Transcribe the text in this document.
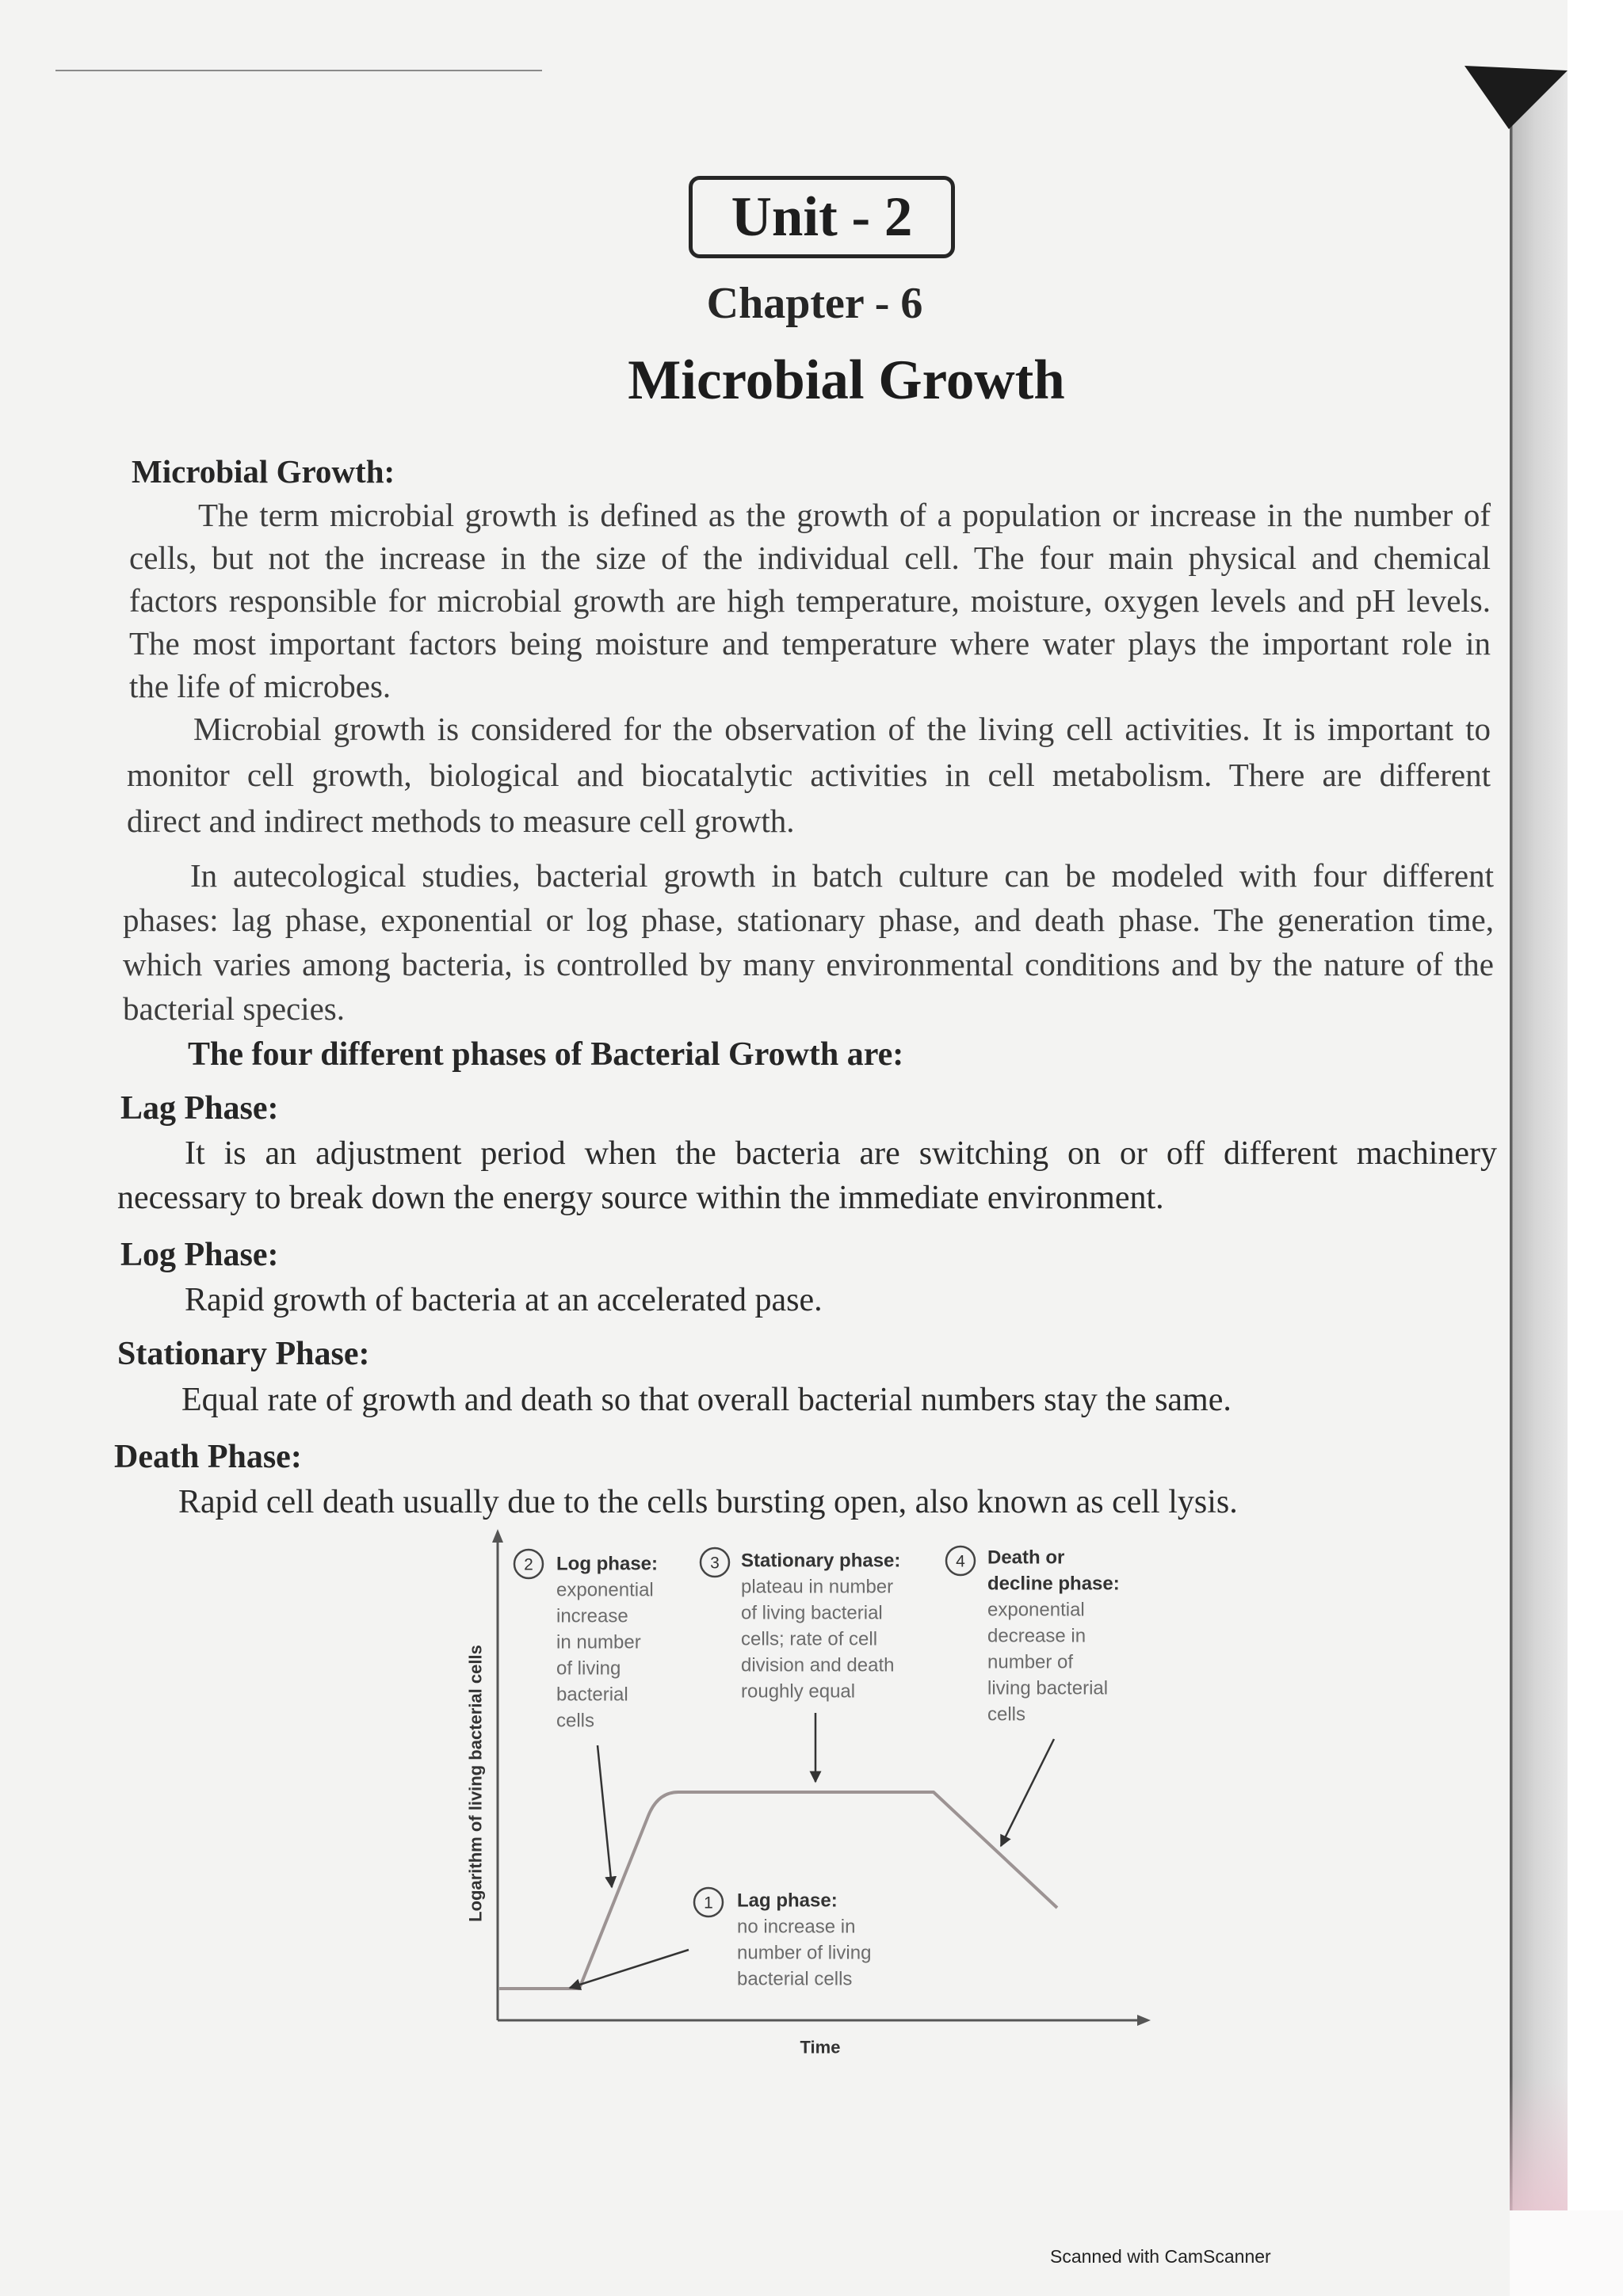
Unit - 2
Chapter - 6
Microbial Growth
Microbial Growth:
The term microbial growth is defined as the growth of a population or increase in the number of
cells, but not the increase in the size of the individual cell. The four main physical and chemical
factors responsible for microbial growth are high temperature, moisture, oxygen levels and pH levels.
The most important factors being moisture and temperature where water plays the important role in
the life of microbes.
Microbial growth is considered for the observation of the living cell activities. It is important to
monitor cell growth, biological and biocatalytic activities in cell metabolism. There are different
direct and indirect methods to measure cell growth.
In autecological studies, bacterial growth in batch culture can be modeled with four different
phases: lag phase, exponential or log phase, stationary phase, and death phase. The generation time,
which varies among bacteria, is controlled by many environmental conditions and by the nature of the
bacterial species.
The four different phases of Bacterial Growth are:
Lag Phase:
It is an adjustment period when the bacteria are switching on or off different machinery
necessary to break down the energy source within the immediate environment.
Log Phase:
Rapid growth of bacteria at an accelerated pase.
Stationary Phase:
Equal rate of growth and death so that overall bacterial numbers stay the same.
Death Phase:
Rapid cell death usually due to the cells bursting open, also known as cell lysis.
Logarithm of living bacterial cells
Time
1 Lag phase:
no increase in
number of living
bacterial cells
2 Log phase:
exponential
increase
in number
of living
bacterial
cells
3 Stationary phase:
plateau in number
of living bacterial
cells; rate of cell
division and death
roughly equal
4 Death or
decline phase:
exponential
decrease in
number of
living bacterial
cells
Scanned with CamScanner
